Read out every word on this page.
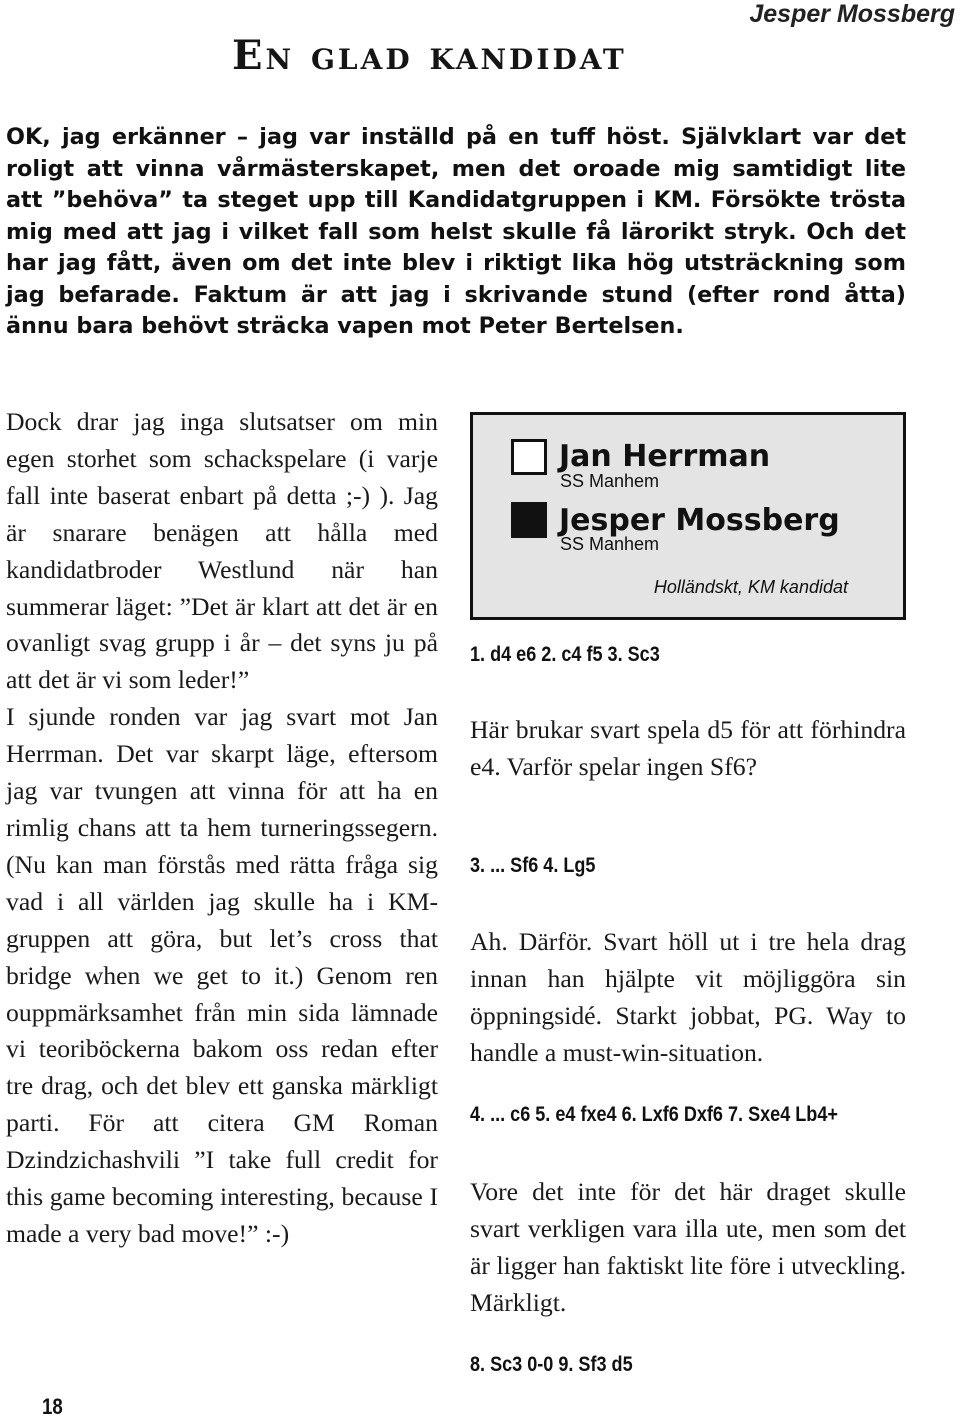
Jesper Mossberg
En glad kandidat

OK, jag erkänner – jag var inställd på en tuff höst. Självklart var det roligt att vinna vårmästerskapet, men det oroade mig samtidigt lite att ”behöva” ta steget upp till Kandidatgruppen i KM. Försökte trösta mig med att jag i vilket fall som helst skulle få lärorikt stryk. Och det har jag fått, även om det inte blev i riktigt lika hög utsträckning som jag befarade. Faktum är att jag i skrivande stund (efter rond åtta) ännu bara behövt sträcka vapen mot Peter Bertelsen.

Dock drar jag inga slutsatser om min egen storhet som schackspelare (i varje fall inte baserat enbart på detta ;-) ). Jag är snarare benägen att hålla med kandidatbroder Westlund när han summerar läget: ”Det är klart att det är en ovanligt svag grupp i år – det syns ju på att det är vi som leder!”

I sjunde ronden var jag svart mot Jan Herrman. Det var skarpt läge, eftersom jag var tvungen att vinna för att ha en rimlig chans att ta hem turneringssegern. (Nu kan man förstås med rätta fråga sig vad i all världen jag skulle ha i KM-gruppen att göra, but let’s cross that bridge when we get to it.) Genom ren ouppmärksamhet från min sida lämnade vi teoriböckerna bakom oss redan efter tre drag, och det blev ett ganska märkligt parti. För att citera GM Roman Dzindzichashvili ”I take full credit for this game becoming interesting, because I made a very bad move!” :-)

Jan Herrman
SS Manhem
Jesper Mossberg
SS Manhem
Holländskt, KM kandidat
1. d4 e6 2. c4 f5 3. Sc3

Här brukar svart spela d5 för att förhindra e4. Varför spelar ingen Sf6?

3. ... Sf6 4. Lg5

Ah. Därför. Svart höll ut i tre hela drag innan han hjälpte vit möjliggöra sin öppningsidé. Starkt jobbat, PG. Way to handle a must-win-situation.

4. ... c6 5. e4 fxe4 6. Lxf6 Dxf6 7. Sxe4 Lb4+

Vore det inte för det här draget skulle svart verkligen vara illa ute, men som det är ligger han faktiskt lite före i utveckling. Märkligt.

8. Sc3 0-0 9. Sf3 d5
18
